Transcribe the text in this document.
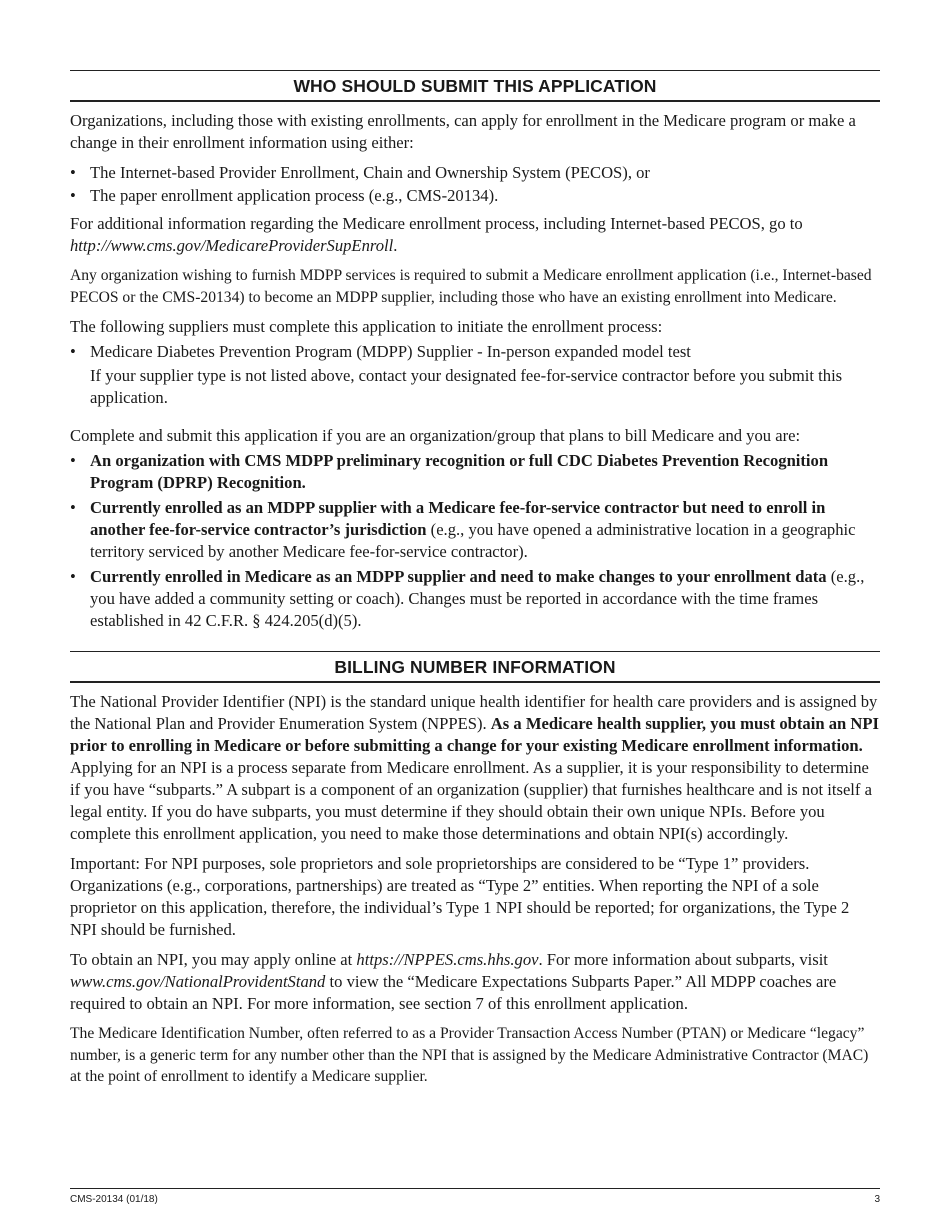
WHO SHOULD SUBMIT THIS APPLICATION

Organizations, including those with existing enrollments, can apply for enrollment in the Medicare program or make a change in their enrollment information using either:

• The Internet-based Provider Enrollment, Chain and Ownership System (PECOS), or
• The paper enrollment application process (e.g., CMS-20134).

For additional information regarding the Medicare enrollment process, including Internet-based PECOS, go to http://www.cms.gov/MedicareProviderSupEnroll.

Any organization wishing to furnish MDPP services is required to submit a Medicare enrollment application (i.e., Internet-based PECOS or the CMS-20134) to become an MDPP supplier, including those who have an existing enrollment into Medicare.

The following suppliers must complete this application to initiate the enrollment process:

• Medicare Diabetes Prevention Program (MDPP) Supplier - In-person expanded model test

If your supplier type is not listed above, contact your designated fee-for-service contractor before you submit this application.

Complete and submit this application if you are an organization/group that plans to bill Medicare and you are:

• An organization with CMS MDPP preliminary recognition or full CDC Diabetes Prevention Recognition Program (DPRP) Recognition.
• Currently enrolled as an MDPP supplier with a Medicare fee-for-service contractor but need to enroll in another fee-for-service contractor’s jurisdiction (e.g., you have opened a administrative location in a geographic territory serviced by another Medicare fee-for-service contractor).
• Currently enrolled in Medicare as an MDPP supplier and need to make changes to your enrollment data (e.g., you have added a community setting or coach). Changes must be reported in accordance with the time frames established in 42 C.F.R. § 424.205(d)(5).
BILLING NUMBER INFORMATION

The National Provider Identifier (NPI) is the standard unique health identifier for health care providers and is assigned by the National Plan and Provider Enumeration System (NPPES). As a Medicare health supplier, you must obtain an NPI prior to enrolling in Medicare or before submitting a change for your existing Medicare enrollment information. Applying for an NPI is a process separate from Medicare enrollment. As a supplier, it is your responsibility to determine if you have “subparts.” A subpart is a component of an organization (supplier) that furnishes healthcare and is not itself a legal entity. If you do have subparts, you must determine if they should obtain their own unique NPIs. Before you complete this enrollment application, you need to make those determinations and obtain NPI(s) accordingly.

Important: For NPI purposes, sole proprietors and sole proprietorships are considered to be “Type 1” providers. Organizations (e.g., corporations, partnerships) are treated as “Type 2” entities. When reporting the NPI of a sole proprietor on this application, therefore, the individual’s Type 1 NPI should be reported; for organizations, the Type 2 NPI should be furnished.

To obtain an NPI, you may apply online at https://NPPES.cms.hhs.gov. For more information about subparts, visit www.cms.gov/NationalProvidentStand to view the “Medicare Expectations Subparts Paper.” All MDPP coaches are required to obtain an NPI. For more information, see section 7 of this enrollment application.

The Medicare Identification Number, often referred to as a Provider Transaction Access Number (PTAN) or Medicare “legacy” number, is a generic term for any number other than the NPI that is assigned by the Medicare Administrative Contractor (MAC) at the point of enrollment to identify a Medicare supplier.

CMS-20134 (01/18)	3
